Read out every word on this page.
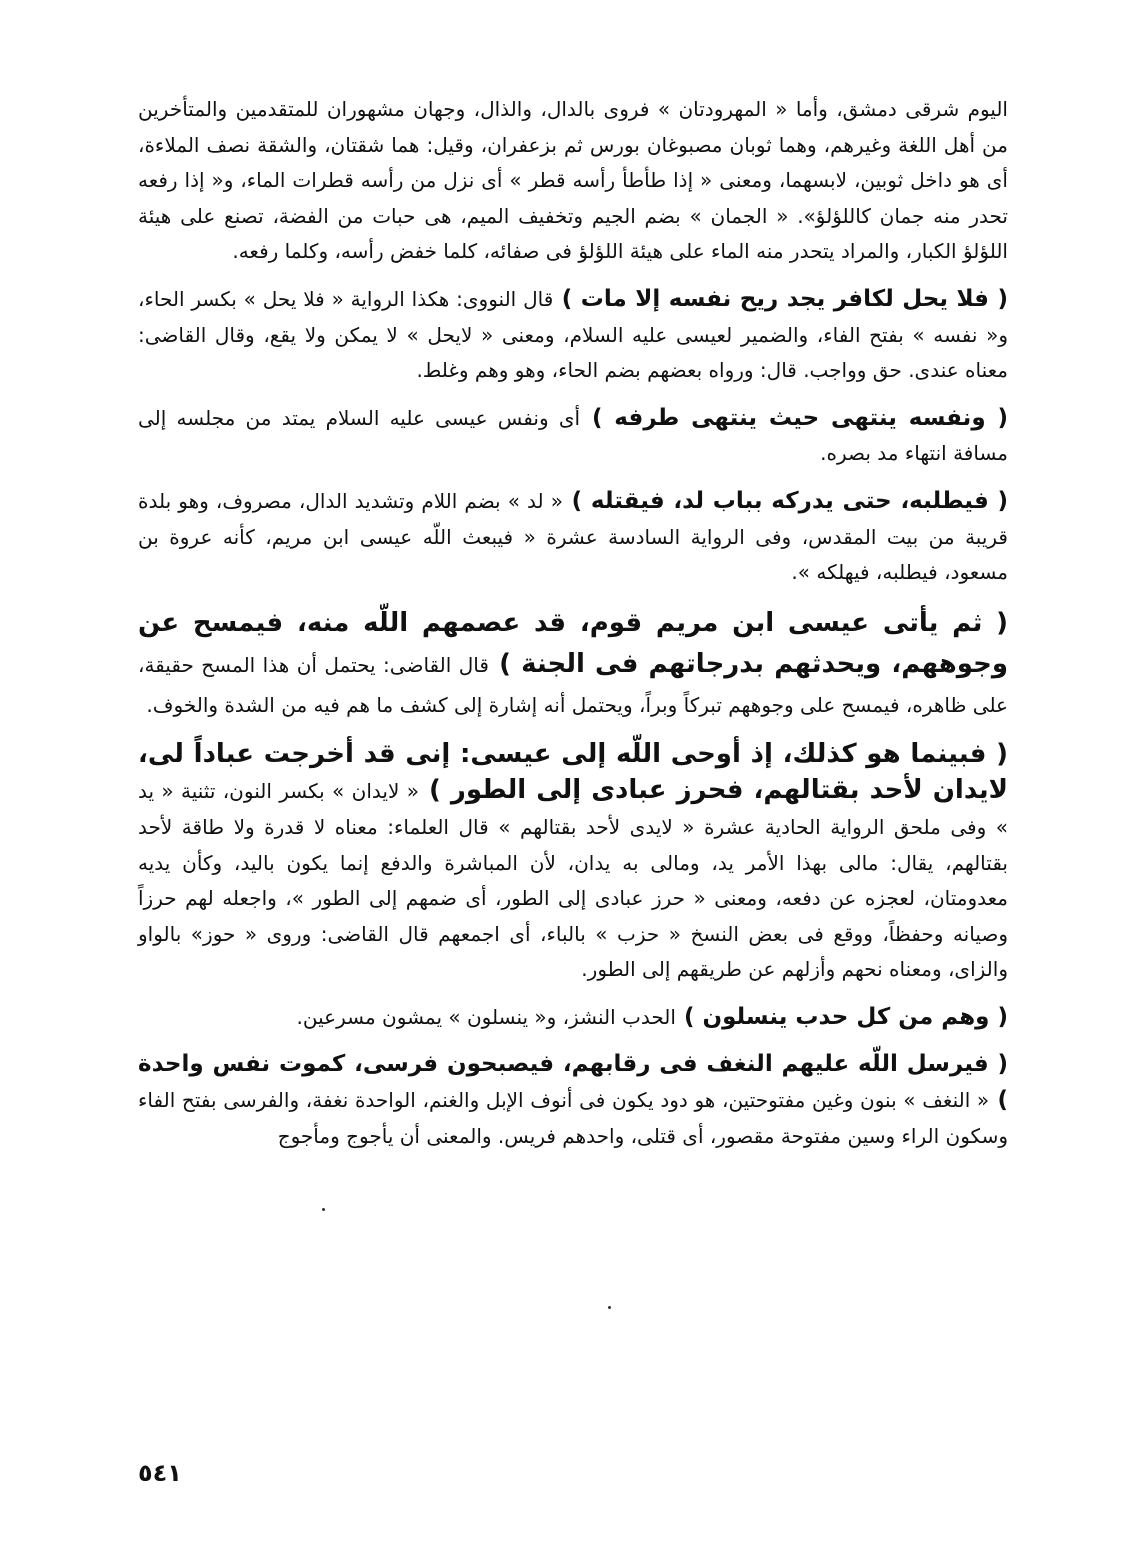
اليوم شرقى دمشق، وأما « المهرودتان » فروى بالدال، والذال، وجهان مشهوران للمتقدمين والمتأخرين من أهل اللغة وغيرهم، وهما ثوبان مصبوغان بورس ثم بزعفران، وقيل: هما شقتان، والشقة نصف الملاءة، أى هو داخل ثوبين، لابسهما، ومعنى « إذا طأطأ رأسه قطر » أى نزل من رأسه قطرات الماء، و« إذا رفعه تحدر منه جمان كاللؤلؤ». « الجمان » بضم الجيم وتخفيف الميم، هى حبات من الفضة، تصنع على هيئة اللؤلؤ الكبار، والمراد يتحدر منه الماء على هيئة اللؤلؤ فى صفائه، كلما خفض رأسه، وكلما رفعه.

( فلا يحل لكافر يجد ريح نفسه إلا مات ) قال النووى: هكذا الرواية « فلا يحل » بكسر الحاء، و« نفسه » بفتح الفاء، والضمير لعيسى عليه السلام، ومعنى « لايحل » لا يمكن ولا يقع، وقال القاضى: معناه عندى. حق وواجب. قال: ورواه بعضهم بضم الحاء، وهو وهم وغلط.

( ونفسه ينتهى حيث ينتهى طرفه ) أى ونفس عيسى عليه السلام يمتد من مجلسه إلى مسافة انتهاء مد بصره.

( فيطلبه، حتى يدركه بباب لد، فيقتله ) « لد » بضم اللام وتشديد الدال، مصروف، وهو بلدة قريبة من بيت المقدس، وفى الرواية السادسة عشرة « فيبعث اللّه عيسى ابن مريم، كأنه عروة بن مسعود، فيطلبه، فيهلكه ».

( ثم يأتى عيسى ابن مريم قوم، قد عصمهم اللّه منه، فيمسح عن وجوههم، ويحدثهم بدرجاتهم فى الجنة ) قال القاضى: يحتمل أن هذا المسح حقيقة، على ظاهره، فيمسح على وجوههم تبركاً وبراً، ويحتمل أنه إشارة إلى كشف ما هم فيه من الشدة والخوف.

( فبينما هو كذلك، إذ أوحى اللّه إلى عيسى: إنى قد أخرجت عباداً لى، لايدان لأحد بقتالهم، فحرز عبادى إلى الطور ) « لايدان » بكسر النون، تثنية « يد » وفى ملحق الرواية الحادية عشرة « لايدى لأحد بقتالهم » قال العلماء: معناه لا قدرة ولا طاقة لأحد بقتالهم، يقال: مالى بهذا الأمر يد، ومالى به يدان، لأن المباشرة والدفع إنما يكون باليد، وكأن يديه معدومتان، لعجزه عن دفعه، ومعنى « حرز عبادى إلى الطور، أى ضمهم إلى الطور »، واجعله لهم حرزاً وصيانه وحفظاً، ووقع فى بعض النسخ « حزب » بالباء، أى اجمعهم قال القاضى: وروى « حوز» بالواو والزاى، ومعناه نحهم وأزلهم عن طريقهم إلى الطور.

( وهم من كل حدب ينسلون ) الحدب النشز، و« ينسلون » يمشون مسرعين.

( فيرسل اللّه عليهم النغف فى رقابهم، فيصبحون فرسى، كموت نفس واحدة ) « النغف » بنون وغين مفتوحتين، هو دود يكون فى أنوف الإبل والغنم، الواحدة نغفة، والفرسى بفتح الفاء وسكون الراء وسين مفتوحة مقصور، أى قتلى، واحدهم فريس. والمعنى أن يأجوج ومأجوج

٥٤١
